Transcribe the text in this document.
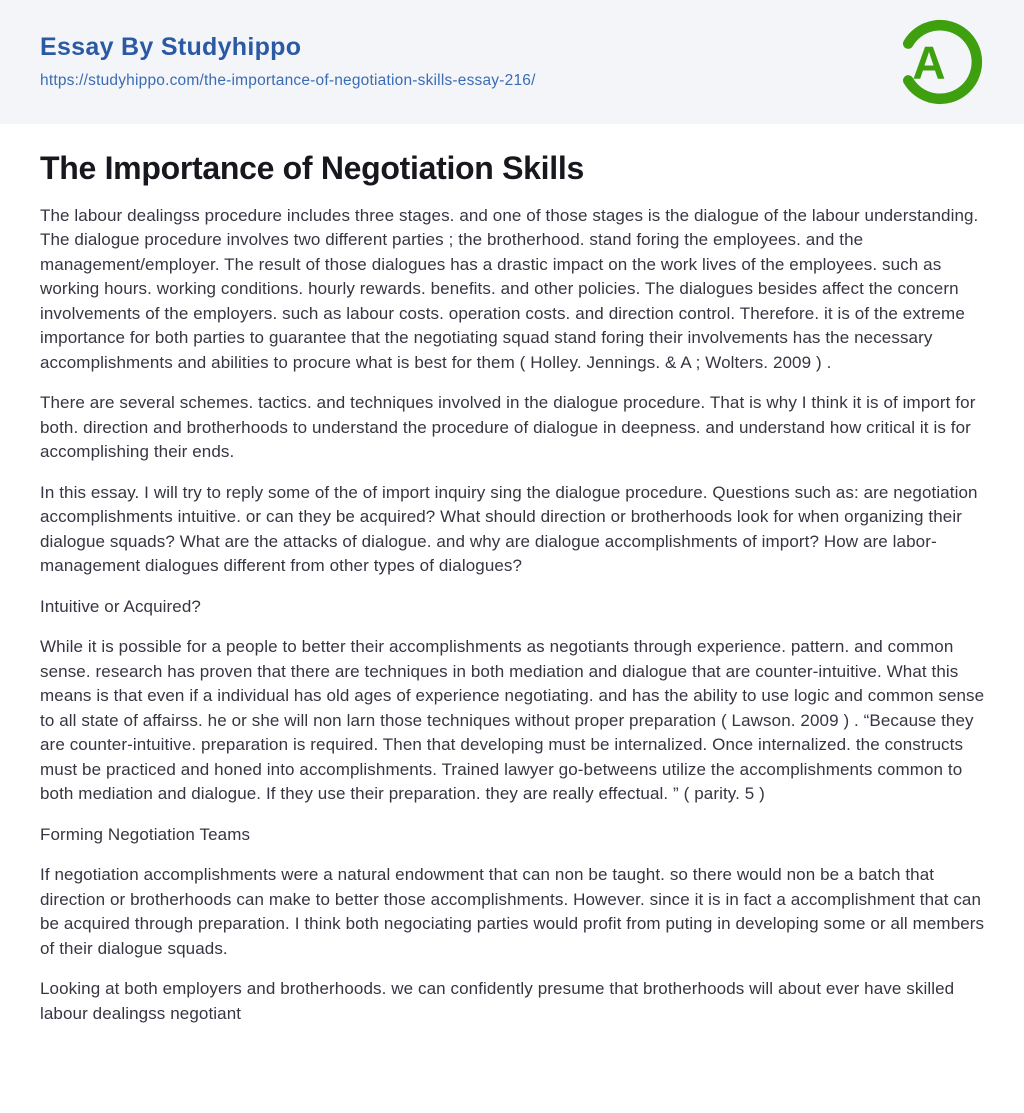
Essay By Studyhippo
https://studyhippo.com/the-importance-of-negotiation-skills-essay-216/	A
The Importance of Negotiation Skills

The labour dealingss procedure includes three stages. and one of those stages is the dialogue of the labour understanding. The dialogue procedure involves two different parties ; the brotherhood. stand foring the employees. and the management/employer. The result of those dialogues has a drastic impact on the work lives of the employees. such as working hours. working conditions. hourly rewards. benefits. and other policies. The dialogues besides affect the concern involvements of the employers. such as labour costs. operation costs. and direction control. Therefore. it is of the extreme importance for both parties to guarantee that the negotiating squad stand foring their involvements has the necessary accomplishments and abilities to procure what is best for them ( Holley. Jennings. & A ; Wolters. 2009 ) .

There are several schemes. tactics. and techniques involved in the dialogue procedure. That is why I think it is of import for both. direction and brotherhoods to understand the procedure of dialogue in deepness. and understand how critical it is for accomplishing their ends.

In this essay. I will try to reply some of the of import inquiry sing the dialogue procedure. Questions such as: are negotiation accomplishments intuitive. or can they be acquired? What should direction or brotherhoods look for when organizing their dialogue squads? What are the attacks of dialogue. and why are dialogue accomplishments of import? How are labor-management dialogues different from other types of dialogues?

Intuitive or Acquired?

While it is possible for a people to better their accomplishments as negotiants through experience. pattern. and common sense. research has proven that there are techniques in both mediation and dialogue that are counter-intuitive. What this means is that even if a individual has old ages of experience negotiating. and has the ability to use logic and common sense to all state of affairss. he or she will non larn those techniques without proper preparation ( Lawson. 2009 ) . “Because they are counter-intuitive. preparation is required. Then that developing must be internalized. Once internalized. the constructs must be practiced and honed into accomplishments. Trained lawyer go-betweens utilize the accomplishments common to both mediation and dialogue. If they use their preparation. they are really effectual. ” ( parity. 5 )

Forming Negotiation Teams

If negotiation accomplishments were a natural endowment that can non be taught. so there would non be a batch that direction or brotherhoods can make to better those accomplishments. However. since it is in fact a accomplishment that can be acquired through preparation. I think both negociating parties would profit from puting in developing some or all members of their dialogue squads.

Looking at both employers and brotherhoods. we can confidently presume that brotherhoods will about ever have skilled labour dealingss negotiant
